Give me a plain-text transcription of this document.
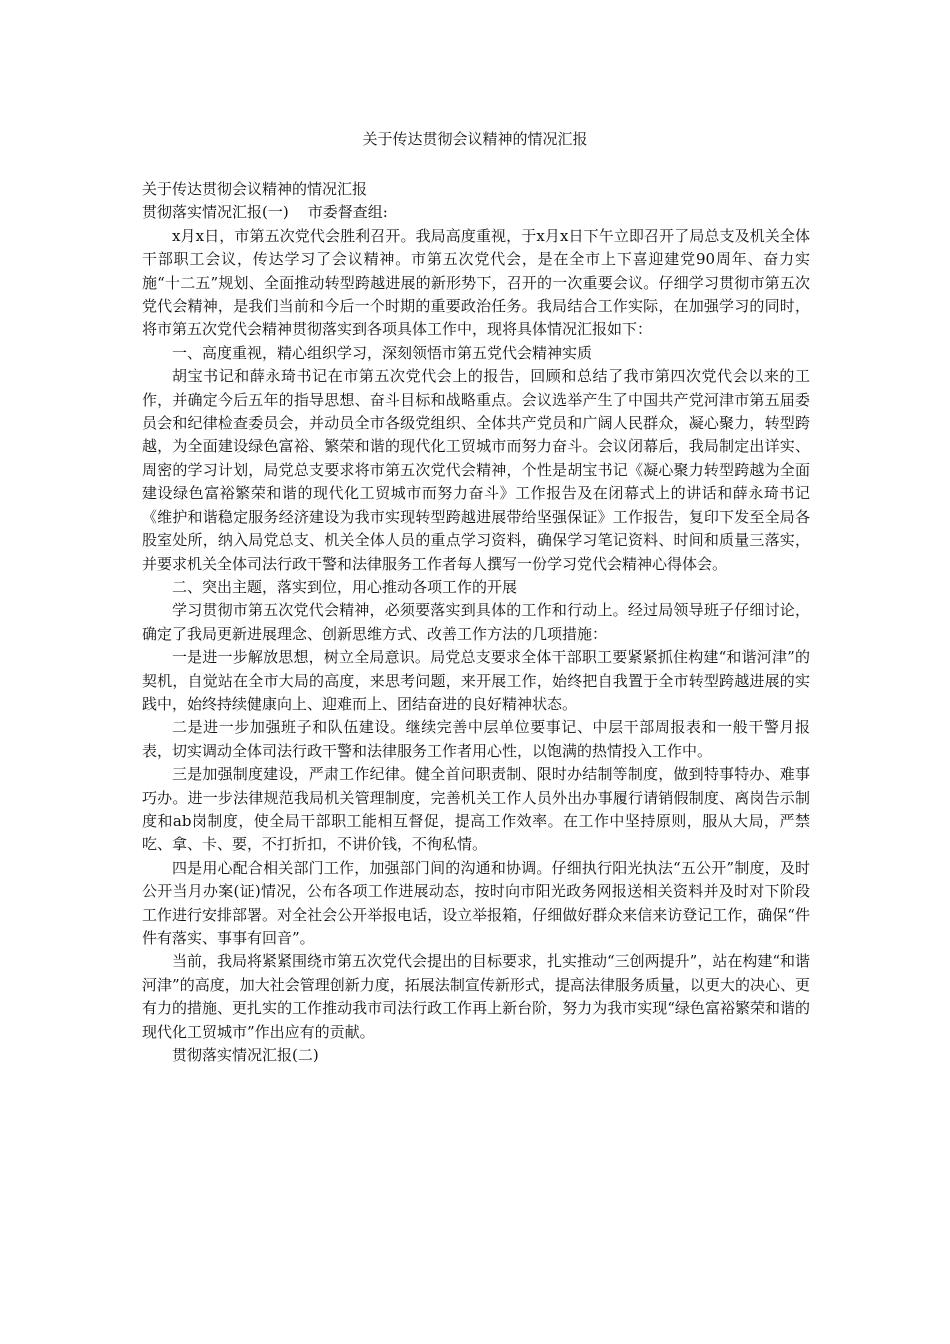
关于传达贯彻会议精神的情况汇报

关于传达贯彻会议精神的情况汇报

贯彻落实情况汇报(一) 市委督查组:

x月x日，市第五次党代会胜利召开。我局高度重视，于x月x日下午立即召开了局总支及机关全体干部职工会议，传达学习了会议精神。市第五次党代会，是在全市上下喜迎建党90周年、奋力实施“十二五”规划、全面推动转型跨越进展的新形势下，召开的一次重要会议。仔细学习贯彻市第五次党代会精神，是我们当前和今后一个时期的重要政治任务。我局结合工作实际，在加强学习的同时，将市第五次党代会精神贯彻落实到各项具体工作中，现将具体情况汇报如下：

一、高度重视，精心组织学习，深刻领悟市第五党代会精神实质

胡宝书记和薛永琦书记在市第五次党代会上的报告，回顾和总结了我市第四次党代会以来的工作，并确定今后五年的指导思想、奋斗目标和战略重点。会议选举产生了中国共产党河津市第五届委员会和纪律检查委员会，并动员全市各级党组织、全体共产党员和广阔人民群众，凝心聚力，转型跨越，为全面建设绿色富裕、繁荣和谐的现代化工贸城市而努力奋斗。会议闭幕后，我局制定出详实、周密的学习计划，局党总支要求将市第五次党代会精神，个性是胡宝书记《凝心聚力转型跨越为全面建设绿色富裕繁荣和谐的现代化工贸城市而努力奋斗》工作报告及在闭幕式上的讲话和薛永琦书记《维护和谐稳定服务经济建设为我市实现转型跨越进展带给坚强保证》工作报告，复印下发至全局各股室处所，纳入局党总支、机关全体人员的重点学习资料，确保学习笔记资料、时间和质量三落实，并要求机关全体司法行政干警和法律服务工作者每人撰写一份学习党代会精神心得体会。

二、突出主题，落实到位，用心推动各项工作的开展

学习贯彻市第五次党代会精神，必须要落实到具体的工作和行动上。经过局领导班子仔细讨论，确定了我局更新进展理念、创新思维方式、改善工作方法的几项措施：

一是进一步解放思想，树立全局意识。局党总支要求全体干部职工要紧紧抓住构建“和谐河津”的契机，自觉站在全市大局的高度，来思考问题，来开展工作，始终把自我置于全市转型跨越进展的实践中，始终持续健康向上、迎难而上、团结奋进的良好精神状态。

二是进一步加强班子和队伍建设。继续完善中层单位要事记、中层干部周报表和一般干警月报表，切实调动全体司法行政干警和法律服务工作者用心性，以饱满的热情投入工作中。

三是加强制度建设，严肃工作纪律。健全首问职责制、限时办结制等制度，做到特事特办、难事巧办。进一步法律规范我局机关管理制度，完善机关工作人员外出办事履行请销假制度、离岗告示制度和ab岗制度，使全局干部职工能相互督促，提高工作效率。在工作中坚持原则，服从大局，严禁吃、拿、卡、要，不打折扣，不讲价钱，不徇私情。

四是用心配合相关部门工作，加强部门间的沟通和协调。仔细执行阳光执法“五公开”制度，及时公开当月办案(证)情况，公布各项工作进展动态，按时向市阳光政务网报送相关资料并及时对下阶段工作进行安排部署。对全社会公开举报电话，设立举报箱，仔细做好群众来信来访登记工作，确保“件件有落实、事事有回音”。

当前，我局将紧紧围绕市第五次党代会提出的目标要求，扎实推动“三创两提升”，站在构建“和谐河津”的高度，加大社会管理创新力度，拓展法制宣传新形式，提高法律服务质量，以更大的决心、更有力的措施、更扎实的工作推动我市司法行政工作再上新台阶，努力为我市实现“绿色富裕繁荣和谐的现代化工贸城市”作出应有的贡献。

贯彻落实情况汇报(二)
